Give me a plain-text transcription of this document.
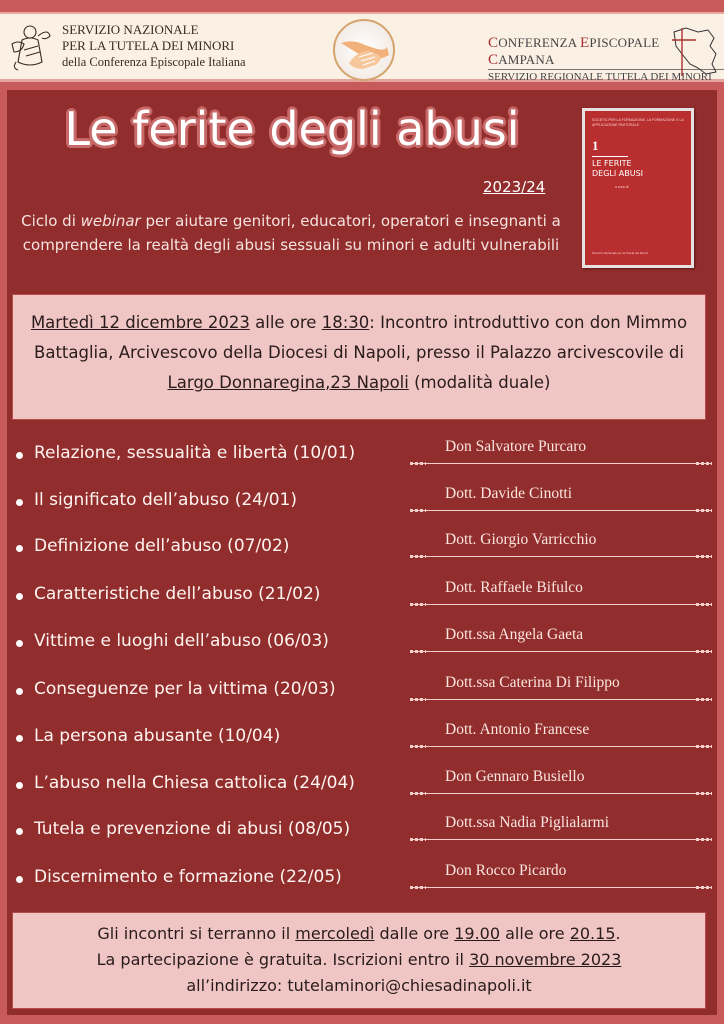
SERVIZIO NAZIONALE
PER LA TUTELA DEI MINORI
della Conferenza Episcopale Italiana
CONFERENZA EPISCOPALE CAMPANA
SERVIZIO REGIONALE TUTELA DEI MINORI
Le ferite degli abusi
2023/24
Ciclo di webinar per aiutare genitori, educatori, operatori e insegnanti a comprendere la realtà degli abusi sessuali su minori e adulti vulnerabili
SOCIETÀ PER LA FORMAZIONE, LA FORMAZIONE E LA APPLICAZIONE PASTORALE
1
LE FERITE
DEGLI ABUSI
a cura di
Servizio Nazionale per la Tutela dei Minori

Martedì 12 dicembre 2023 alle ore 18:30: Incontro introduttivo con don Mimmo Battaglia, Arcivescovo della Diocesi di Napoli, presso il Palazzo arcivescovile di Largo Donnaregina,23 Napoli (modalità duale)

Relazione, sessualità e libertà (10/01)	Don Salvatore Purcaro
Il significato dell’abuso (24/01)	Dott. Davide Cinotti
Definizione dell’abuso (07/02)	Dott. Giorgio Varricchio
Caratteristiche dell’abuso (21/02)	Dott. Raffaele Bifulco
Vittime e luoghi dell’abuso (06/03)	Dott.ssa Angela Gaeta
Conseguenze per la vittima (20/03)	Dott.ssa Caterina Di Filippo
La persona abusante (10/04)	Dott. Antonio Francese
L’abuso nella Chiesa cattolica (24/04)	Don Gennaro Busiello
Tutela e prevenzione di abusi (08/05)	Dott.ssa Nadia Piglialarmi
Discernimento e formazione (22/05)	Don Rocco Picardo

Gli incontri si terranno il mercoledì dalle ore 19.00 alle ore 20.15.
La partecipazione è gratuita. Iscrizioni entro il 30 novembre 2023
all’indirizzo: tutelaminori@chiesadinapoli.it
